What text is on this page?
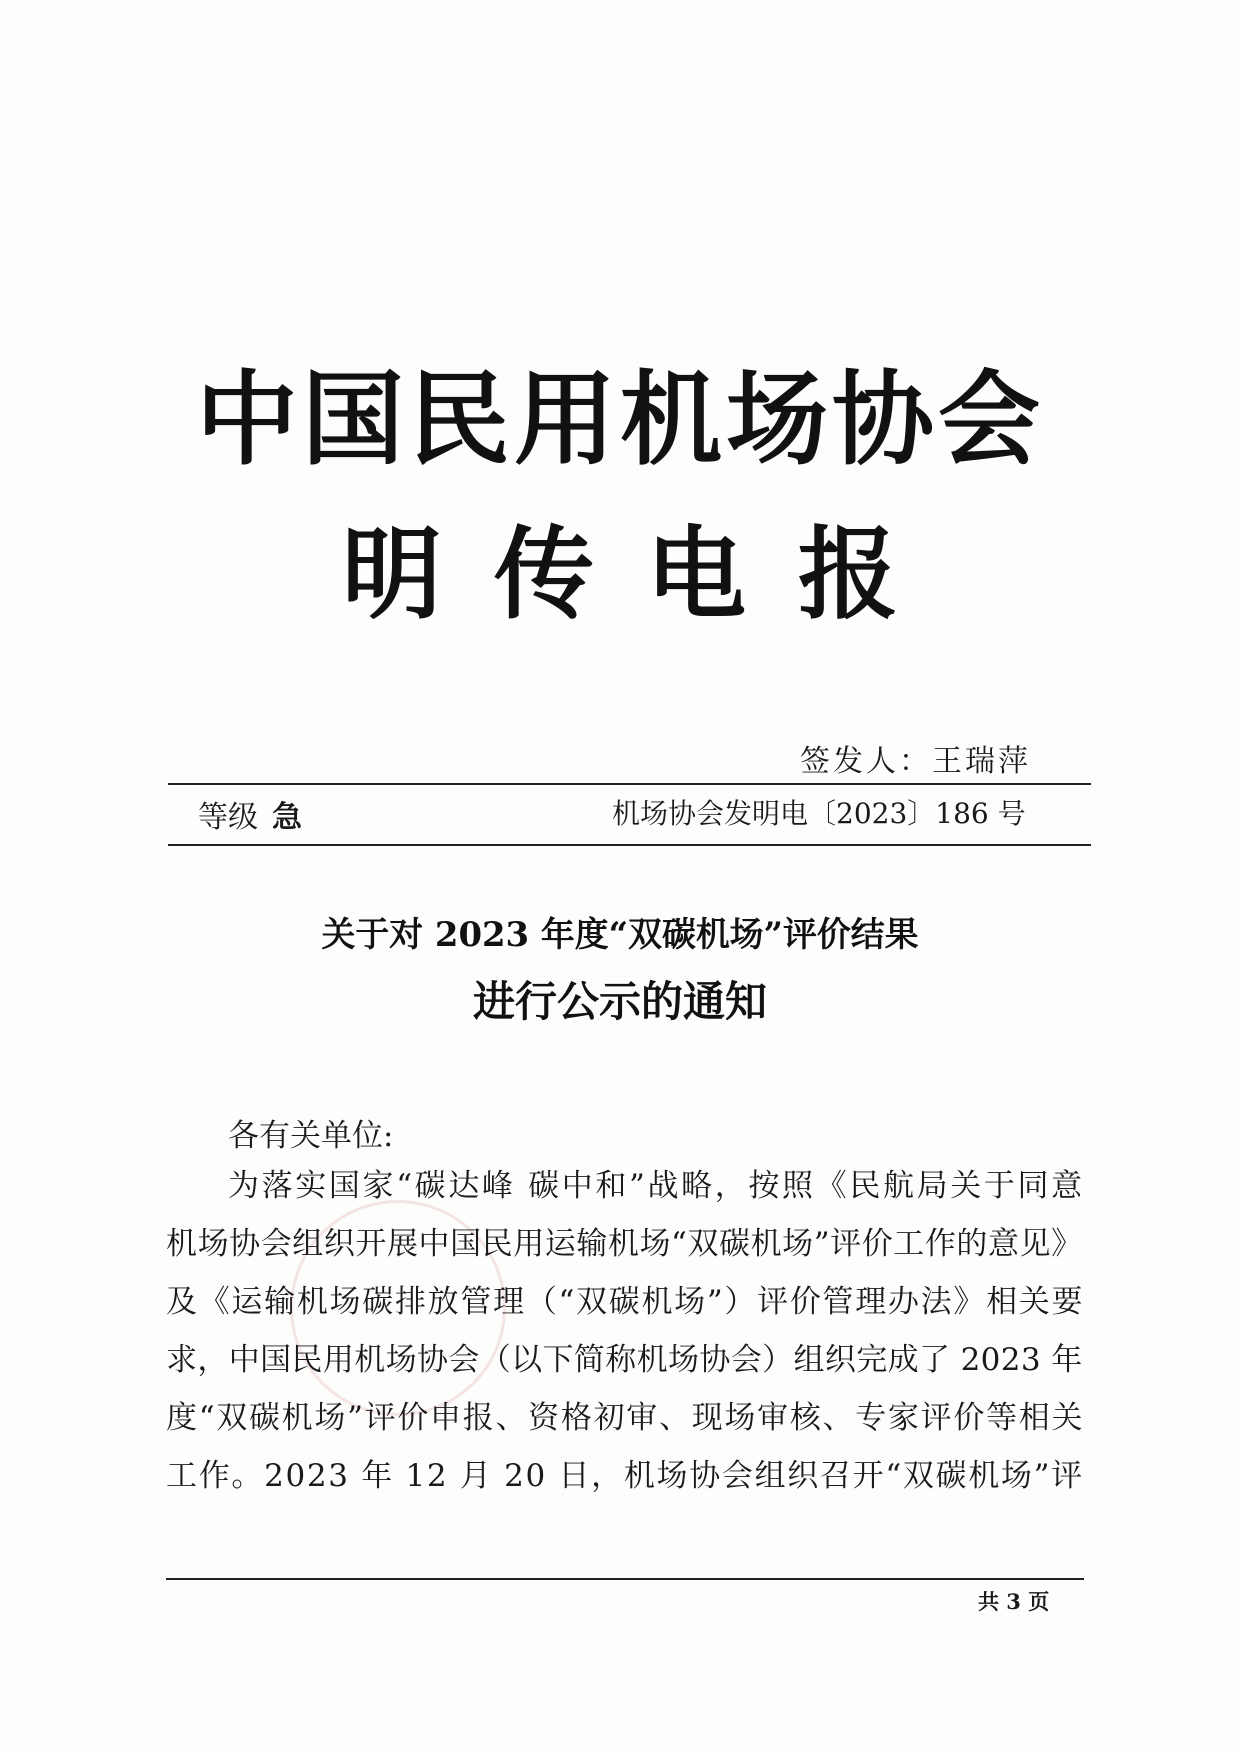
中国民用机场协会
明传电报
签发人：王瑞萍
等级 急	机场协会发明电〔2023〕186 号
关于对 2023 年度“双碳机场”评价结果
进行公示的通知
各有关单位:
为落实国家“碳达峰 碳中和”战略，按照《民航局关于同意
机场协会组织开展中国民用运输机场“双碳机场”评价工作的意见》
及《运输机场碳排放管理（“双碳机场”）评价管理办法》相关要
求，中国民用机场协会（以下简称机场协会）组织完成了 2023 年
度“双碳机场”评价申报、资格初审、现场审核、专家评价等相关
工作。2023 年 12 月 20 日，机场协会组织召开“双碳机场”评
共 3 页
